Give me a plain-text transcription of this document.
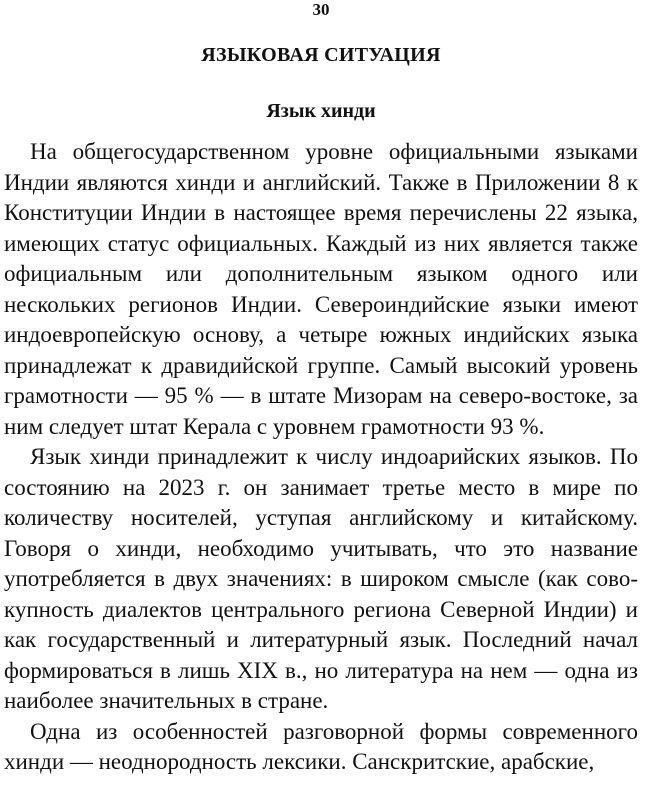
30
ЯЗЫКОВАЯ СИТУАЦИЯ
Язык хинди

На общегосударственном уровне официальными языками Индии являются хинди и английский. Также в Приложении 8 к Конституции Индии в настоящее время перечислены 22 языка, имеющих статус официальных. Каждый из них является также официальным или дополнительным языком одного или нескольких регионов Индии. Североиндийские языки имеют индоевропейскую основу, а четыре южных индийских языка принадлежат к дравидийской группе. Самый высокий уровень грамотности — 95 % — в штате Мизорам на северо-востоке, за ним следует штат Керала с уровнем грамотности 93 %.

Язык хинди принадлежит к числу индоарийских языков. По состоянию на 2023 г. он занимает третье место в мире по количеству носителей, уступая английскому и китайскому. Говоря о хинди, необходимо учитывать, что это название употребляется в двух значениях: в широком смысле (как совокупность диалектов центрального региона Северной Индии) и как государственный и литературный язык. Последний начал формироваться в лишь XIX в., но литература на нем — одна из наиболее значительных в стране.

Одна из особенностей разговорной формы современного хинди — неоднородность лексики. Санскритские, арабские,
